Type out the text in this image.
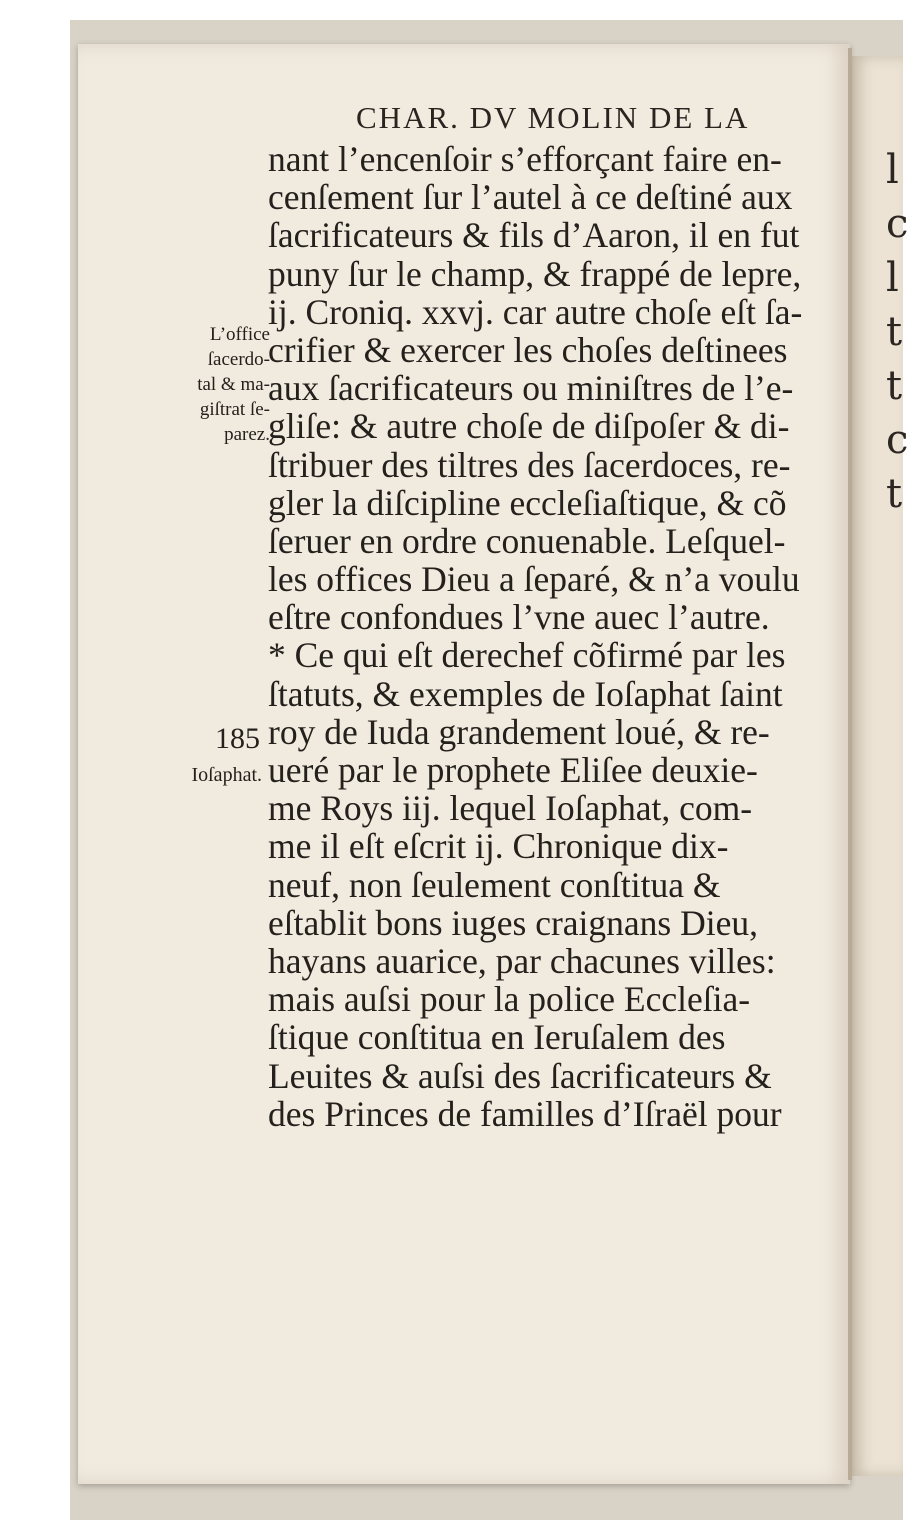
l
c
l
t
t
c
t
CHAR. DV MOLIN DE LA
L’office
ſacerdo-
tal & ma-
giſtrat ſe-
parez.
185
Ioſaphat.
nant l’encenſoir s’efforçant faire en-
cenſement ſur l’autel à ce deſtiné aux
ſacrificateurs & fils d’Aaron, il en fut
puny ſur le champ, & frappé de lepre,
ij. Croniq. xxvj. car autre choſe eſt ſa-
crifier & exercer les choſes deſtinees
aux ſacrificateurs ou miniſtres de l’e-
gliſe: & autre choſe de diſpoſer & di-
ſtribuer des tiltres des ſacerdoces, re-
gler la diſcipline eccleſiaſtique, & cõ
ſeruer en ordre conuenable. Leſquel-
les offices Dieu a ſeparé, & n’a voulu
eſtre confondues l’vne auec l’autre.
* Ce qui eſt derechef cõfirmé par les
ſtatuts, & exemples de Ioſaphat ſaint
roy de Iuda grandement loué, & re-
ueré par le prophete Eliſee deuxie-
me Roys iij. lequel Ioſaphat, com-
me il eſt eſcrit ij. Chronique dix-
neuf, non ſeulement conſtitua &
eſtablit bons iuges craignans Dieu,
hayans auarice, par chacunes villes:
mais auſsi pour la police Eccleſia-
ſtique conſtitua en Ieruſalem des
Leuites & auſsi des ſacrificateurs &
des Princes de familles d’Iſraël pour
